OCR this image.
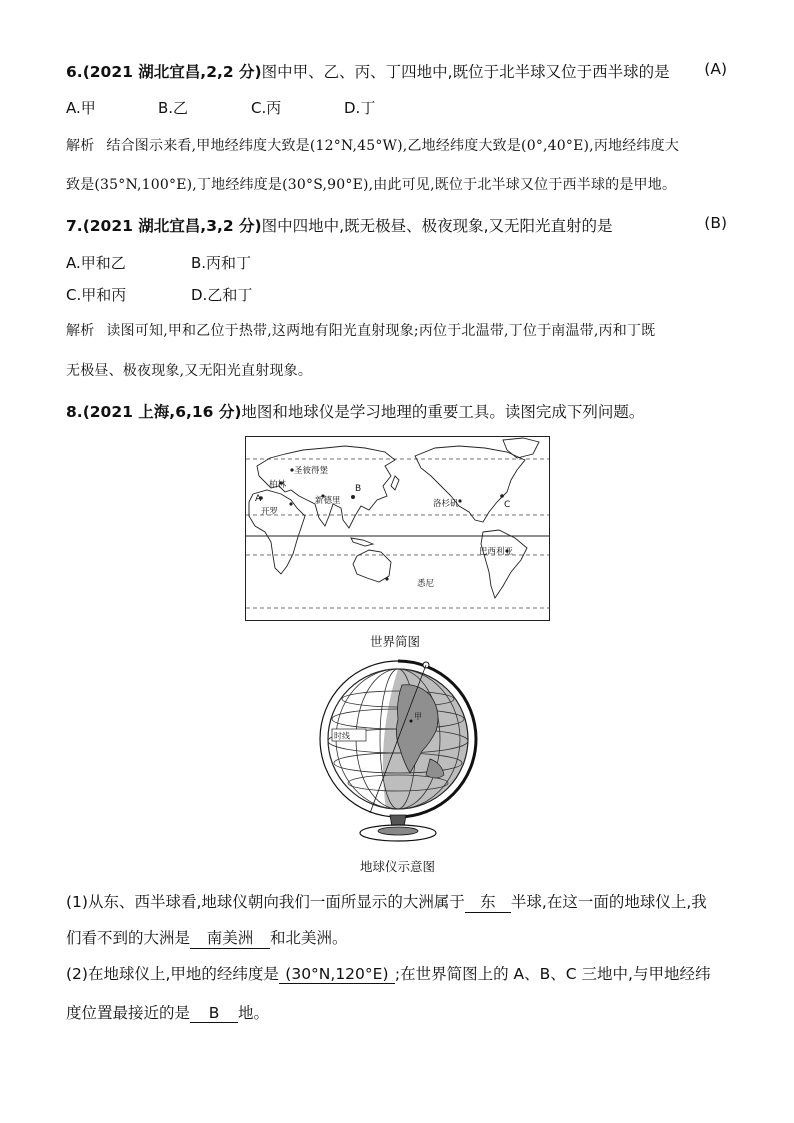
6.(2021 湖北宜昌,2,2 分)图中甲、乙、丙、丁四地中,既位于北半球又位于西半球的是 (A)
A.甲	B.乙	C.丙	D.丁
解析 结合图示来看,甲地经纬度大致是(12°N,45°W),乙地经纬度大致是(0°,40°E),丙地经纬度大
致是(35°N,100°E),丁地经纬度是(30°S,90°E),由此可见,既位于北半球又位于西半球的是甲地。
7.(2021 湖北宜昌,3,2 分)图中四地中,既无极昼、极夜现象,又无阳光直射的是	(B)
A.甲和乙	B.丙和丁
C.甲和丙	D.乙和丁
解析 读图可知,甲和乙位于热带,这两地有阳光直射现象;丙位于北温带,丁位于南温带,丙和丁既
无极昼、极夜现象,又无阳光直射现象。
8.(2021 上海,6,16 分)地图和地球仪是学习地理的重要工具。读图完成下列问题。
圣彼得堡
柏林
A
开罗
新德里
B
洛杉矶	C
巴西利亚
悉尼
世界简图
时线
甲
地球仪示意图
(1)从东、西半球看,地球仪朝向我们一面所显示的大洲属于 东 半球,在这一面的地球仪上,我
们看不到的大洲是 南美洲 和北美洲。
(2)在地球仪上,甲地的经纬度是 (30°N,120°E) ;在世界简图上的 A、B、C 三地中,与甲地经纬
度位置最接近的是 B 地。
